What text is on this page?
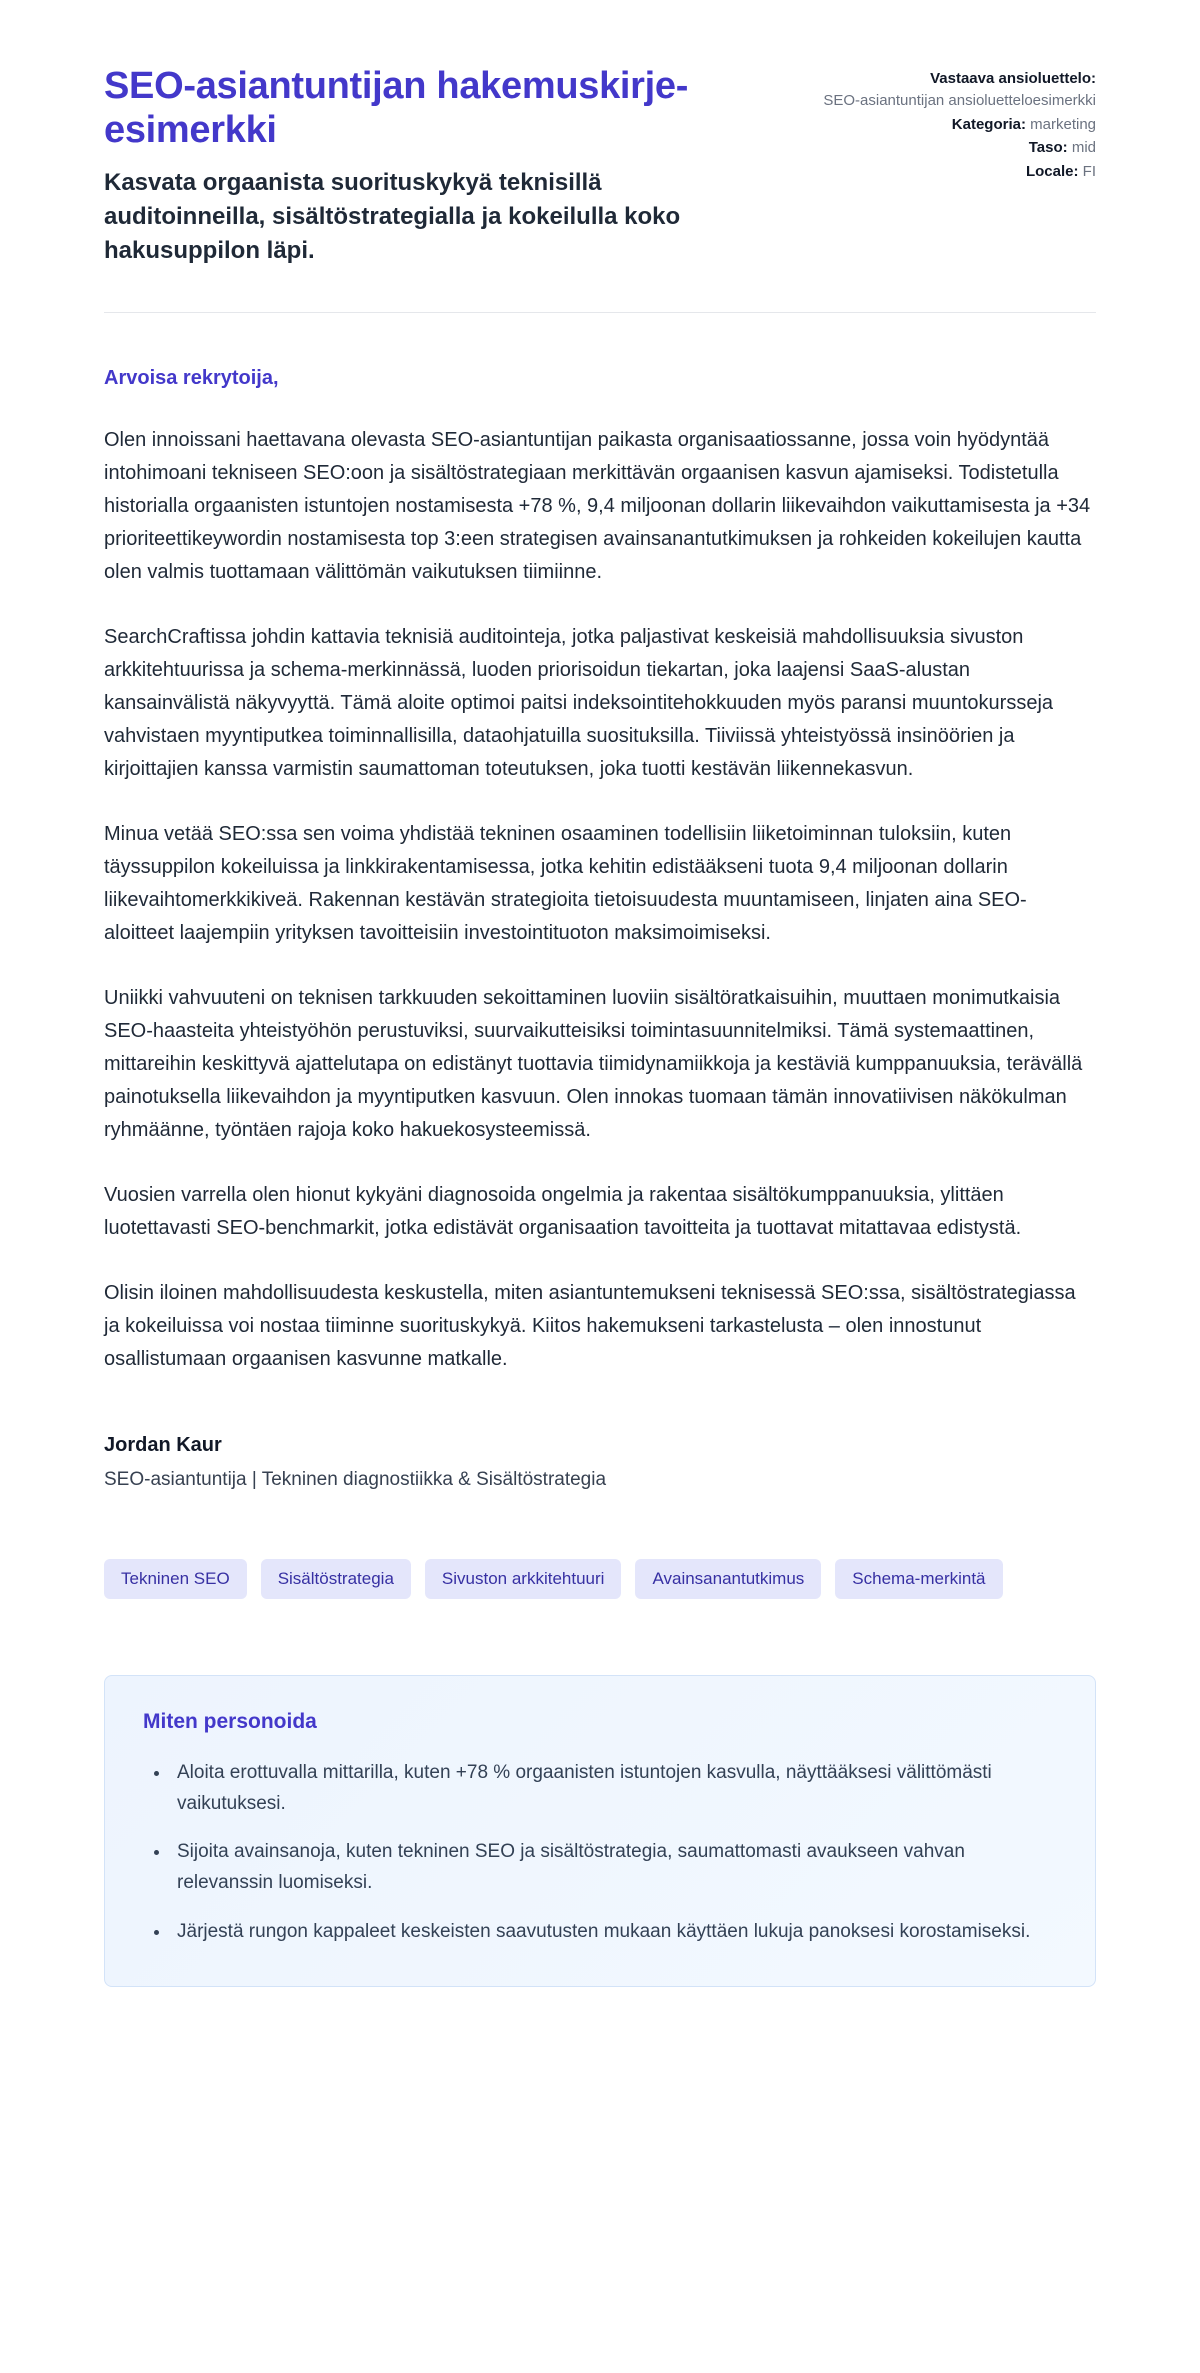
SEO-asiantuntijan hakemuskirje-esimerkki

Kasvata orgaanista suorituskykyä teknisillä auditoinneilla, sisältöstrategialla ja kokeilulla koko hakusuppilon läpi.

Vastaava ansioluettelo:
SEO-asiantuntijan ansioluetteloesimerkki
Kategoria: marketing
Taso: mid
Locale: FI

Arvoisa rekrytoija,

Olen innoissani haettavana olevasta SEO-asiantuntijan paikasta organisaatiossanne, jossa voin hyödyntää intohimoani tekniseen SEO:oon ja sisältöstrategiaan merkittävän orgaanisen kasvun ajamiseksi. Todistetulla historialla orgaanisten istuntojen nostamisesta +78 %, 9,4 miljoonan dollarin liikevaihdon vaikuttamisesta ja +34 prioriteettikeywordin nostamisesta top 3:een strategisen avainsanantutkimuksen ja rohkeiden kokeilujen kautta olen valmis tuottamaan välittömän vaikutuksen tiimiinne.

SearchCraftissa johdin kattavia teknisiä auditointeja, jotka paljastivat keskeisiä mahdollisuuksia sivuston arkkitehtuurissa ja schema-merkinnässä, luoden priorisoidun tiekartan, joka laajensi SaaS-alustan kansainvälistä näkyvyyttä. Tämä aloite optimoi paitsi indeksointitehokkuuden myös paransi muuntokursseja vahvistaen myyntiputkea toiminnallisilla, dataohjatuilla suosituksilla. Tiiviissä yhteistyössä insinöörien ja kirjoittajien kanssa varmistin saumattoman toteutuksen, joka tuotti kestävän liikennekasvun.

Minua vetää SEO:ssa sen voima yhdistää tekninen osaaminen todellisiin liiketoiminnan tuloksiin, kuten täyssuppilon kokeiluissa ja linkkirakentamisessa, jotka kehitin edistääkseni tuota 9,4 miljoonan dollarin liikevaihtomerkkikiveä. Rakennan kestävän strategioita tietoisuudesta muuntamiseen, linjaten aina SEO-aloitteet laajempiin yrityksen tavoitteisiin investointituoton maksimoimiseksi.

Uniikki vahvuuteni on teknisen tarkkuuden sekoittaminen luoviin sisältöratkaisuihin, muuttaen monimutkaisia SEO-haasteita yhteistyöhön perustuviksi, suurvaikutteisiksi toimintasuunnitelmiksi. Tämä systemaattinen, mittareihin keskittyvä ajattelutapa on edistänyt tuottavia tiimidynamiikkoja ja kestäviä kumppanuuksia, terävällä painotuksella liikevaihdon ja myyntiputken kasvuun. Olen innokas tuomaan tämän innovatiivisen näkökulman ryhmäänne, työntäen rajoja koko hakuekosysteemissä.

Vuosien varrella olen hionut kykyäni diagnosoida ongelmia ja rakentaa sisältökumppanuuksia, ylittäen luotettavasti SEO-benchmarkit, jotka edistävät organisaation tavoitteita ja tuottavat mitattavaa edistystä.

Olisin iloinen mahdollisuudesta keskustella, miten asiantuntemukseni teknisessä SEO:ssa, sisältöstrategiassa ja kokeiluissa voi nostaa tiiminne suorituskykyä. Kiitos hakemukseni tarkastelusta – olen innostunut osallistumaan orgaanisen kasvunne matkalle.

Jordan Kaur

SEO-asiantuntija | Tekninen diagnostiikka & Sisältöstrategia

Tekninen SEO	Sisältöstrategia	Sivuston arkkitehtuuri	Avainsanantutkimus	Schema-merkintä
Miten personoida
• Aloita erottuvalla mittarilla, kuten +78 % orgaanisten istuntojen kasvulla, näyttääksesi välittömästi vaikutuksesi.
• Sijoita avainsanoja, kuten tekninen SEO ja sisältöstrategia, saumattomasti avaukseen vahvan relevanssin luomiseksi.
• Järjestä rungon kappaleet keskeisten saavutusten mukaan käyttäen lukuja panoksesi korostamiseksi.
